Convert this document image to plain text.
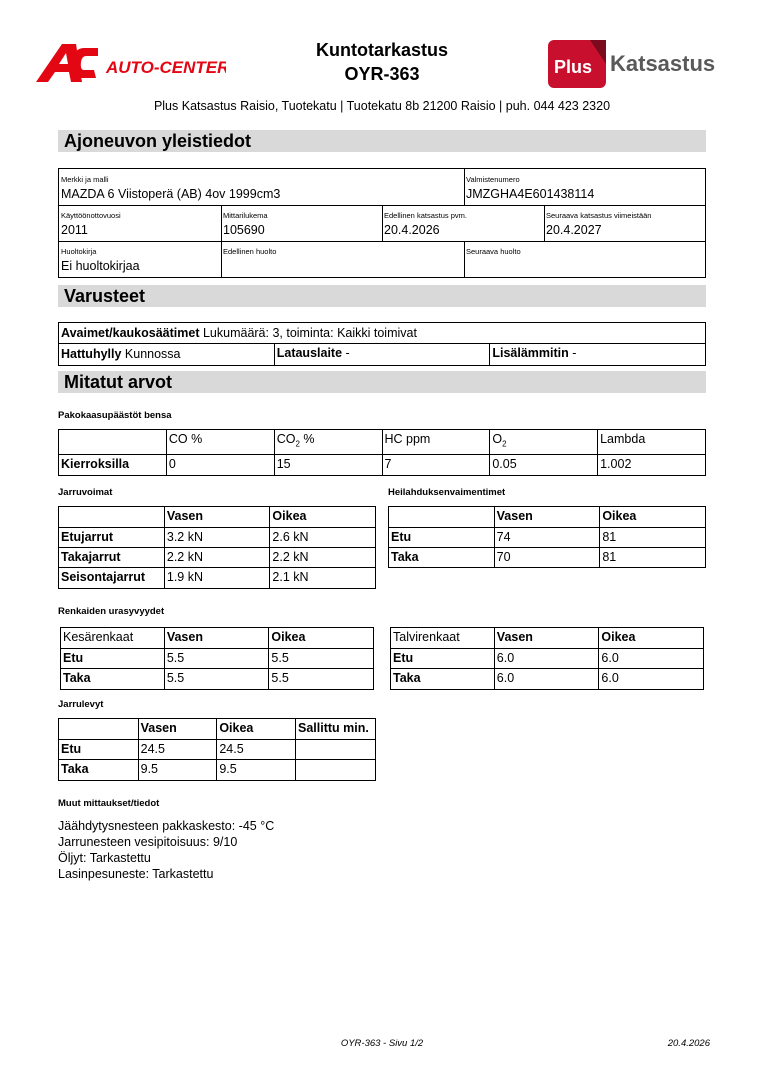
AUTO-CENTER
Kuntotarkastus
OYR-363	Plus Katsastus
Plus Katsastus Raisio, Tuotekatu | Tuotekatu 8b 21200 Raisio | puh. 044 423 2320
Ajoneuvon yleistiedot
Merkki ja malli
MAZDA 6 Viistoperä (AB) 4ov 1999cm3
Valmistenumero
JMZGHA4E601438114
Käyttöönottovuosi
2011
Mittarilukema
105690
Edellinen katsastus pvm.
20.4.2026
Seuraava katsastus viimeistään
20.4.2027
Huoltokirja
Ei huoltokirjaa
Edellinen huolto	Seuraava huolto
Varusteet
Avaimet/kaukosäätimet Lukumäärä: 3, toiminta: Kaikki toimivat
Hattuhylly Kunnossa	Latauslaite -	Lisälämmitin -
Mitatut arvot
Pakokaasupäästöt bensa
	CO %	$CO_2$ %	HC ppm	$O_2$	Lambda
Kierroksilla	0	15	7	0.05	1.002
Jarruvoimat
	Vasen	Oikea
Etujarrut	3.2 kN	2.6 kN
Takajarrut	2.2 kN	2.2 kN
Seisontajarrut	1.9 kN	2.1 kN
Heilahduksenvaimentimet
	Vasen	Oikea
Etu	74	81
Taka	70	81
Renkaiden urasyvyydet
Kesärenkaat	Vasen	Oikea
Etu	5.5	5.5
Taka	5.5	5.5
Talvirenkaat	Vasen	Oikea
Etu	6.0	6.0
Taka	6.0	6.0
Jarrulevyt
	Vasen	Oikea	Sallittu min.
Etu	24.5	24.5	
Taka	9.5	9.5	
Muut mittaukset/tiedot
Jäähdytysnesteen pakkaskesto: -45 °C
Jarrunesteen vesipitoisuus: 9/10
Öljyt: Tarkastettu
Lasinpesuneste: Tarkastettu
OYR-363 - Sivu 1/2	20.4.2026
